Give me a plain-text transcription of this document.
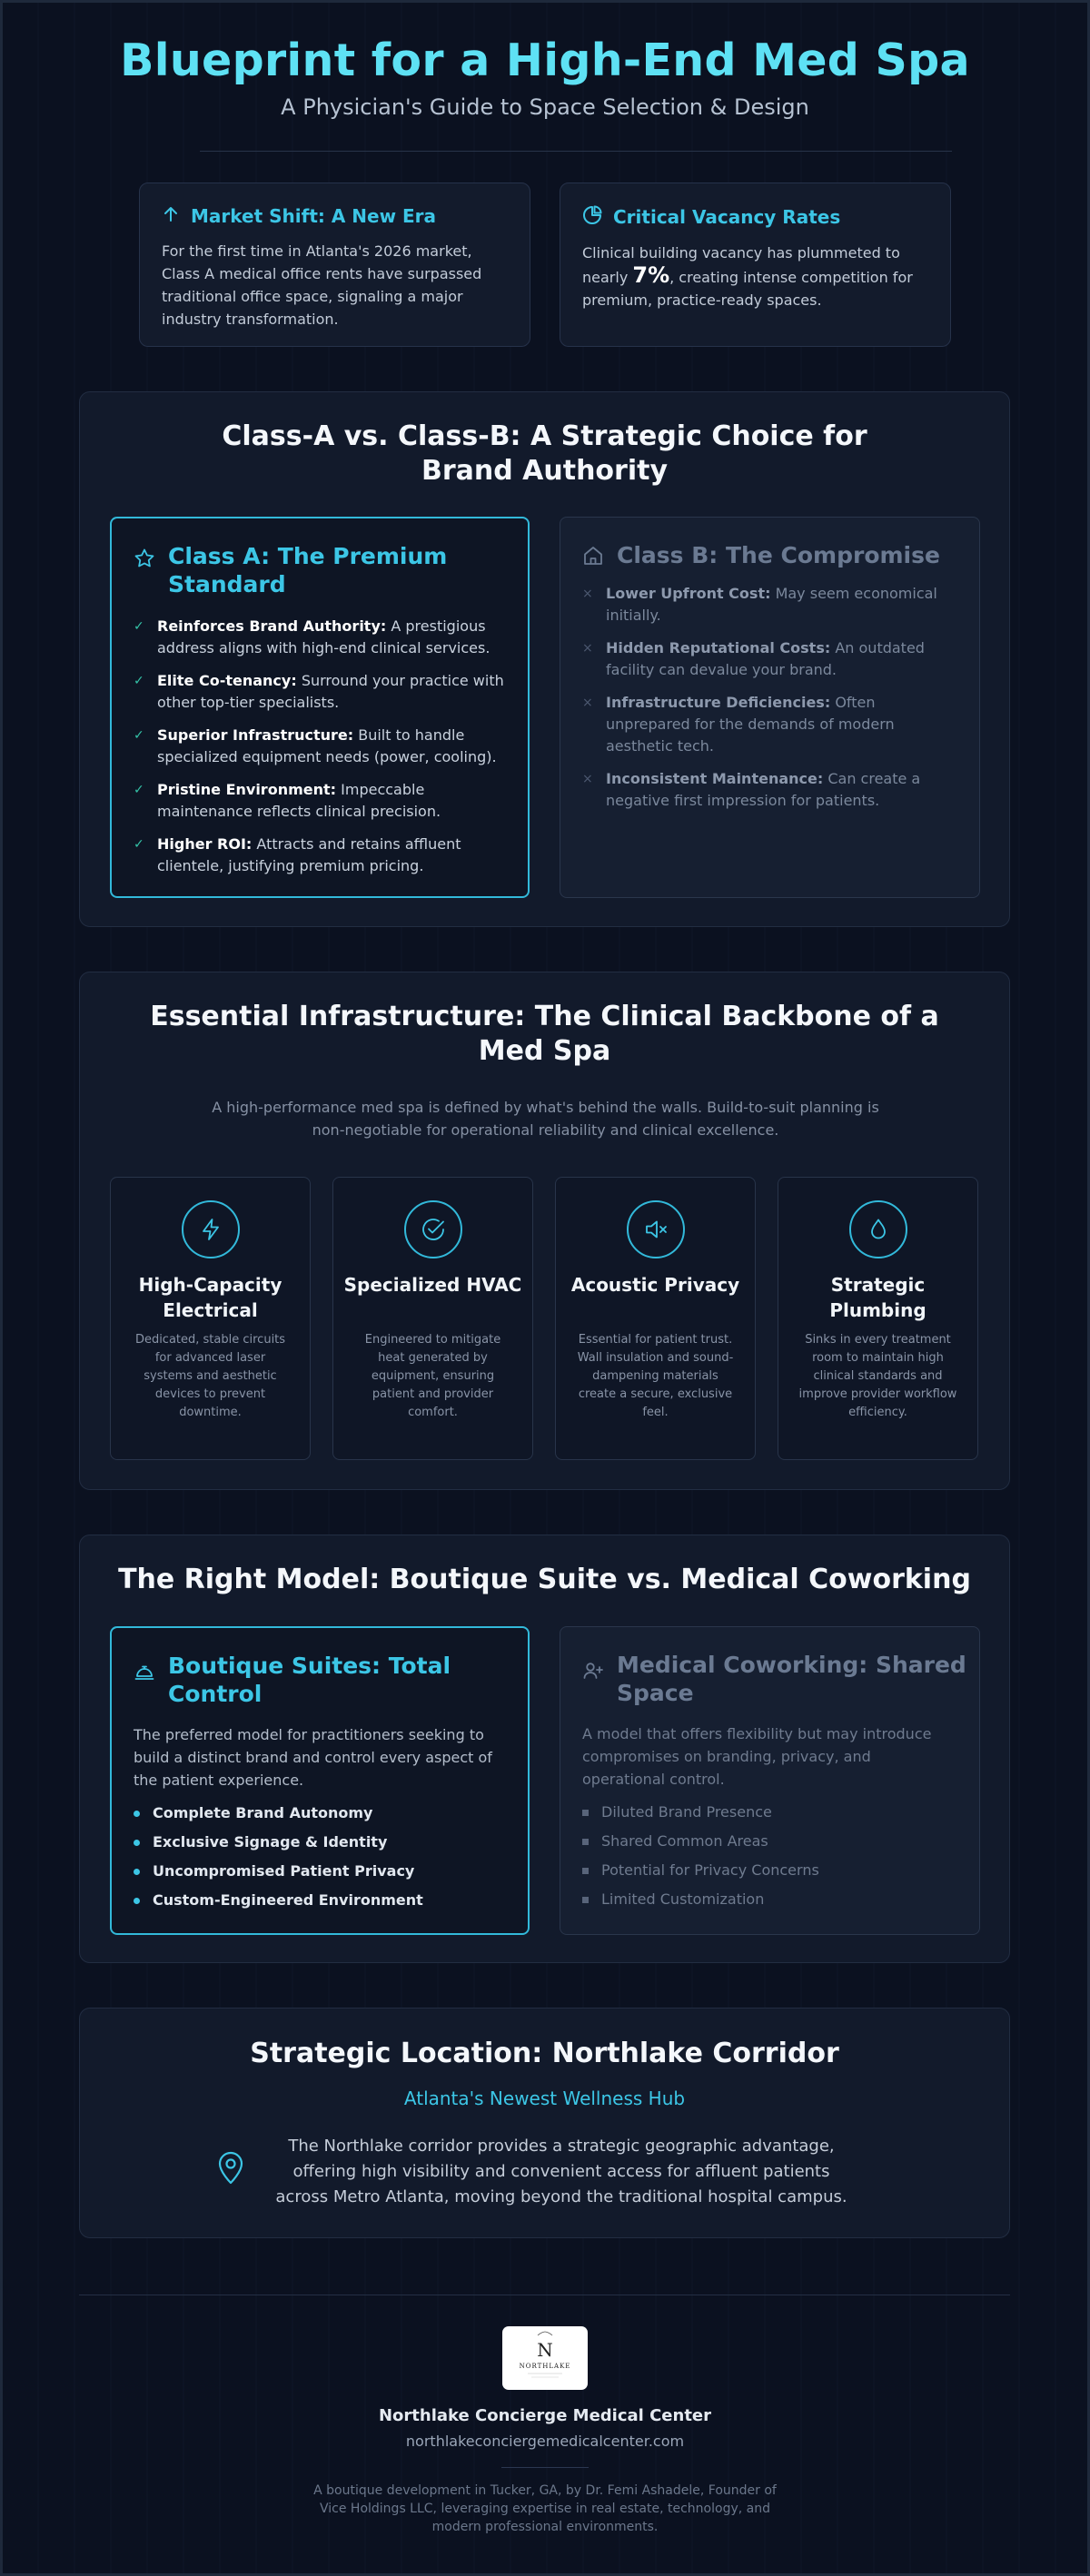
Blueprint for a High-End Med Spa
A Physician's Guide to Space Selection & Design
Market Shift: A New Era
For the first time in Atlanta's 2026 market, Class A medical office rents have surpassed traditional office space, signaling a major industry transformation.
Critical Vacancy Rates
Clinical building vacancy has plummeted to nearly 7%, creating intense competition for premium, practice-ready spaces.
Class-A vs. Class-B: A Strategic Choice for Brand Authority
Class A: The Premium Standard
✓ Reinforces Brand Authority: A prestigious address aligns with high-end clinical services.
✓ Elite Co-tenancy: Surround your practice with other top-tier specialists.
✓ Superior Infrastructure: Built to handle specialized equipment needs (power, cooling).
✓ Pristine Environment: Impeccable maintenance reflects clinical precision.
✓ Higher ROI: Attracts and retains affluent clientele, justifying premium pricing.
Class B: The Compromise
× Lower Upfront Cost: May seem economical initially.
× Hidden Reputational Costs: An outdated facility can devalue your brand.
× Infrastructure Deficiencies: Often unprepared for the demands of modern aesthetic tech.
× Inconsistent Maintenance: Can create a negative first impression for patients.
Essential Infrastructure: The Clinical Backbone of a Med Spa
A high-performance med spa is defined by what's behind the walls. Build-to-suit planning is non-negotiable for operational reliability and clinical excellence.
High-Capacity Electrical
Dedicated, stable circuits for advanced laser systems and aesthetic devices to prevent downtime.
Specialized HVAC
Engineered to mitigate heat generated by equipment, ensuring patient and provider comfort.
Acoustic Privacy
Essential for patient trust. Wall insulation and sound-dampening materials create a secure, exclusive feel.
Strategic Plumbing
Sinks in every treatment room to maintain high clinical standards and improve provider workflow efficiency.
The Right Model: Boutique Suite vs. Medical Coworking
Boutique Suites: Total Control
The preferred model for practitioners seeking to build a distinct brand and control every aspect of the patient experience.
Complete Brand Autonomy
Exclusive Signage & Identity
Uncompromised Patient Privacy
Custom-Engineered Environment
Medical Coworking: Shared Space
A model that offers flexibility but may introduce compromises on branding, privacy, and operational control.
Diluted Brand Presence
Shared Common Areas
Potential for Privacy Concerns
Limited Customization
Strategic Location: Northlake Corridor
Atlanta's Newest Wellness Hub
The Northlake corridor provides a strategic geographic advantage, offering high visibility and convenient access for affluent patients across Metro Atlanta, moving beyond the traditional hospital campus.
N
NORTHLAKE
Northlake Concierge Medical Center
northlakeconciergemedicalcenter.com
A boutique development in Tucker, GA, by Dr. Femi Ashadele, Founder of Vice Holdings LLC, leveraging expertise in real estate, technology, and modern professional environments.
